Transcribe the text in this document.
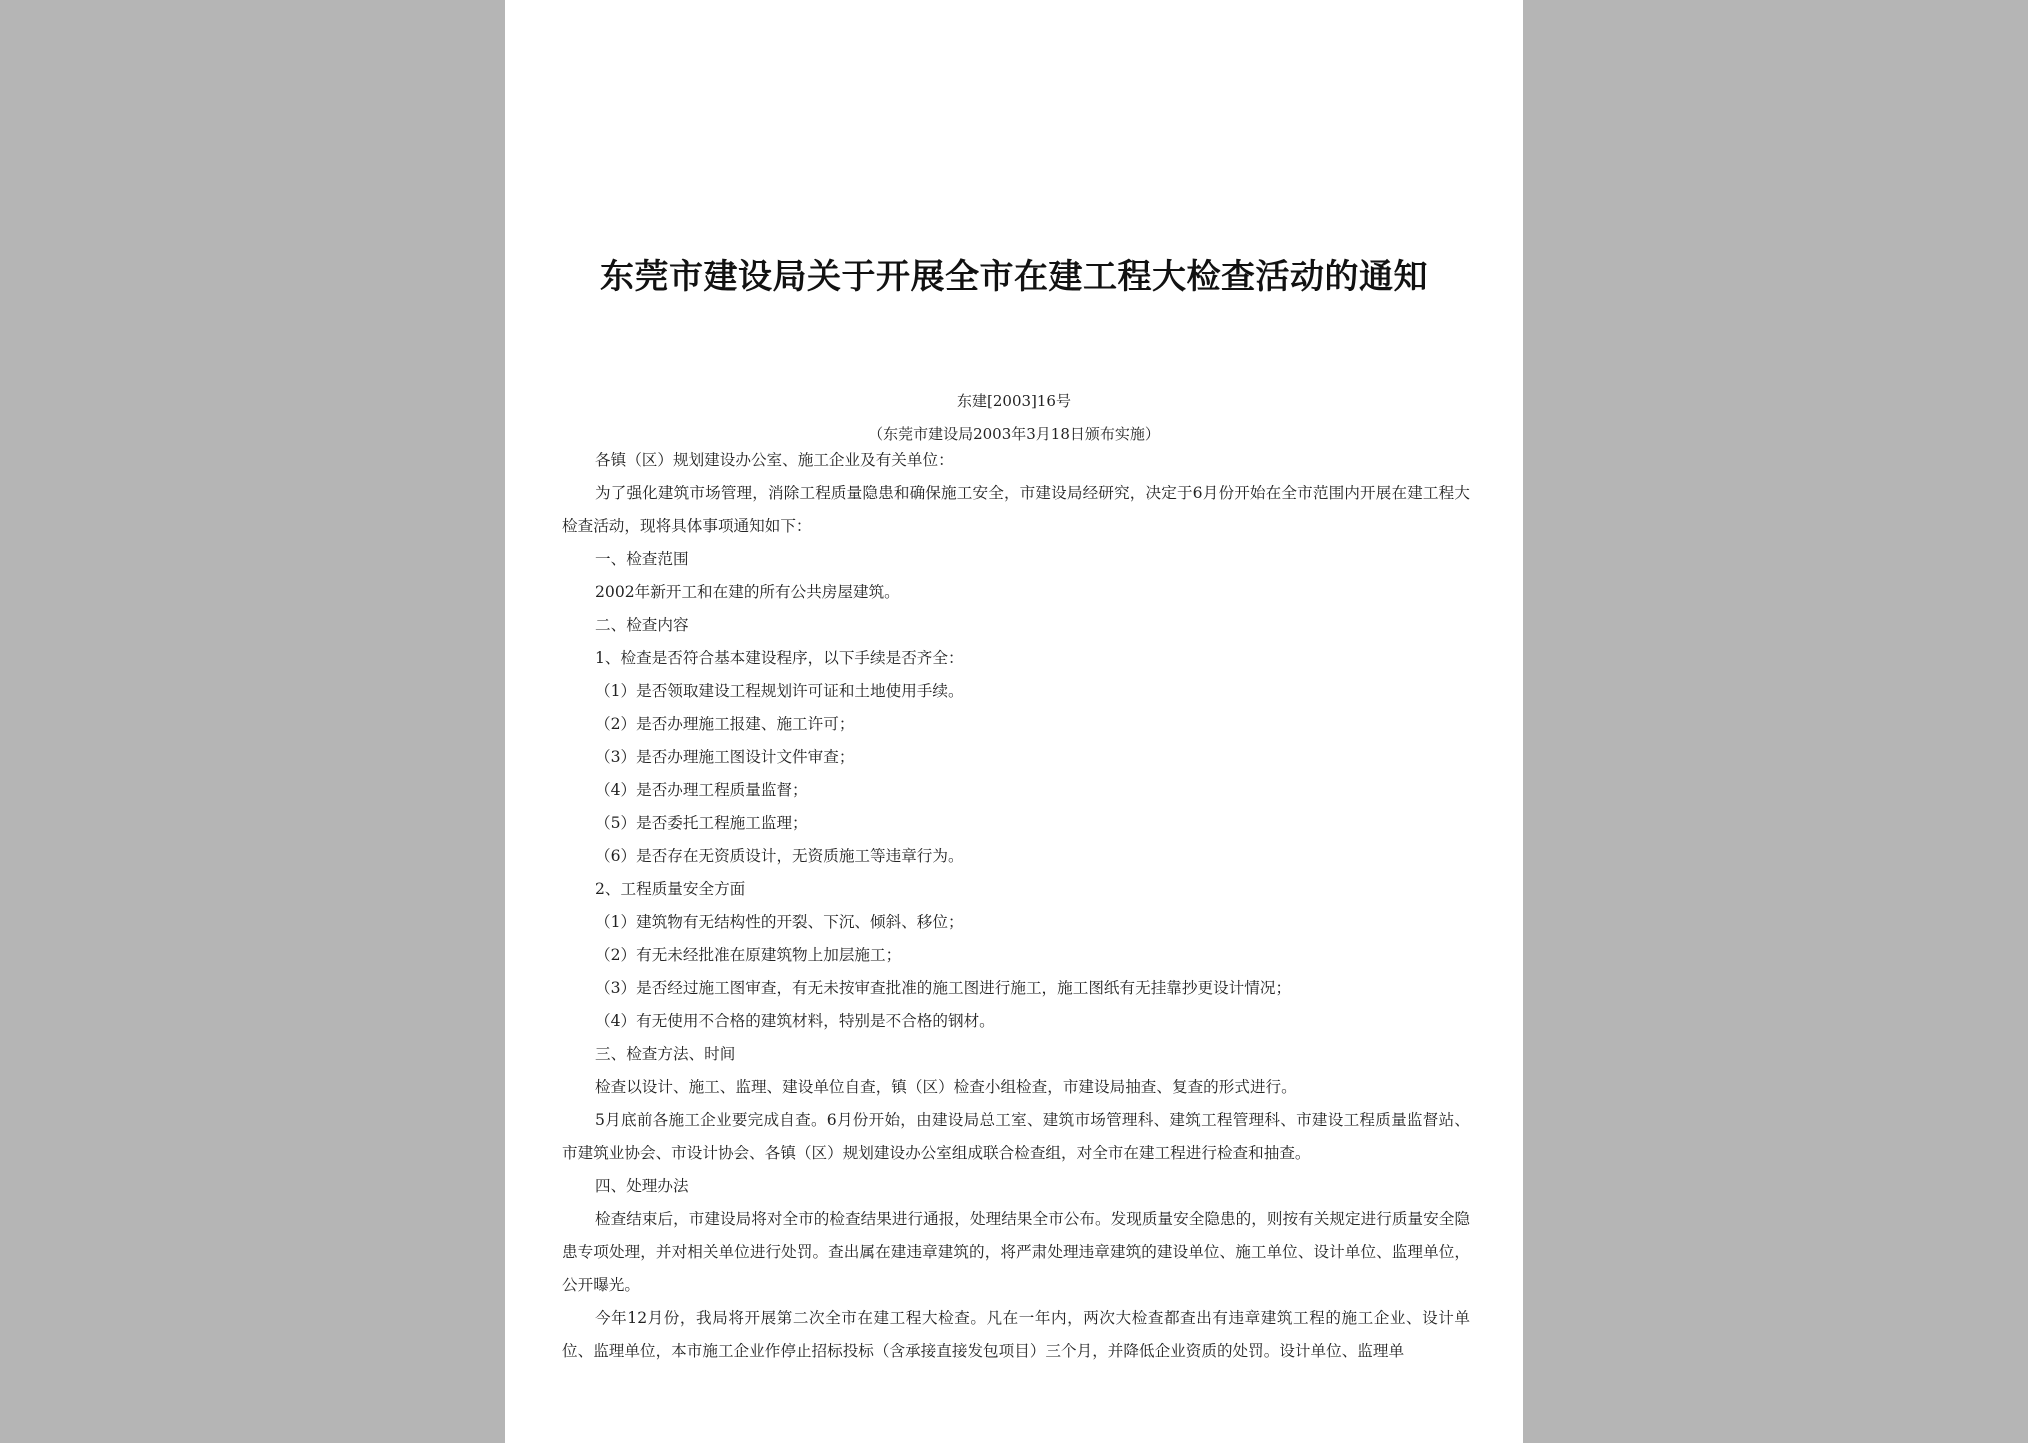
东莞市建设局关于开展全市在建工程大检查活动的通知
东建[2003]16号
（东莞市建设局2003年3月18日颁布实施）

各镇（区）规划建设办公室、施工企业及有关单位：

为了强化建筑市场管理，消除工程质量隐患和确保施工安全，市建设局经研究，决定于6月份开始在全市范围内开展在建工程大检查活动，现将具体事项通知如下：

一、检查范围

2002年新开工和在建的所有公共房屋建筑。

二、检查内容

1、检查是否符合基本建设程序，以下手续是否齐全：

（1）是否领取建设工程规划许可证和土地使用手续。

（2）是否办理施工报建、施工许可；

（3）是否办理施工图设计文件审查；

（4）是否办理工程质量监督；

（5）是否委托工程施工监理；

（6）是否存在无资质设计，无资质施工等违章行为。

2、工程质量安全方面

（1）建筑物有无结构性的开裂、下沉、倾斜、移位；

（2）有无未经批准在原建筑物上加层施工；

（3）是否经过施工图审查，有无未按审查批准的施工图进行施工，施工图纸有无挂靠抄更设计情况；

（4）有无使用不合格的建筑材料，特别是不合格的钢材。

三、检查方法、时间

检查以设计、施工、监理、建设单位自查，镇（区）检查小组检查，市建设局抽查、复查的形式进行。

5月底前各施工企业要完成自查。6月份开始，由建设局总工室、建筑市场管理科、建筑工程管理科、市建设工程质量监督站、市建筑业协会、市设计协会、各镇（区）规划建设办公室组成联合检查组，对全市在建工程进行检查和抽查。

四、处理办法

检查结束后，市建设局将对全市的检查结果进行通报，处理结果全市公布。发现质量安全隐患的，则按有关规定进行质量安全隐患专项处理，并对相关单位进行处罚。查出属在建违章建筑的，将严肃处理违章建筑的建设单位、施工单位、设计单位、监理单位，公开曝光。

今年12月份，我局将开展第二次全市在建工程大检查。凡在一年内，两次大检查都查出有违章建筑工程的施工企业、设计单位、监理单位，本市施工企业作停止招标投标（含承接直接发包项目）三个月，并降低企业资质的处罚。设计单位、监理单
